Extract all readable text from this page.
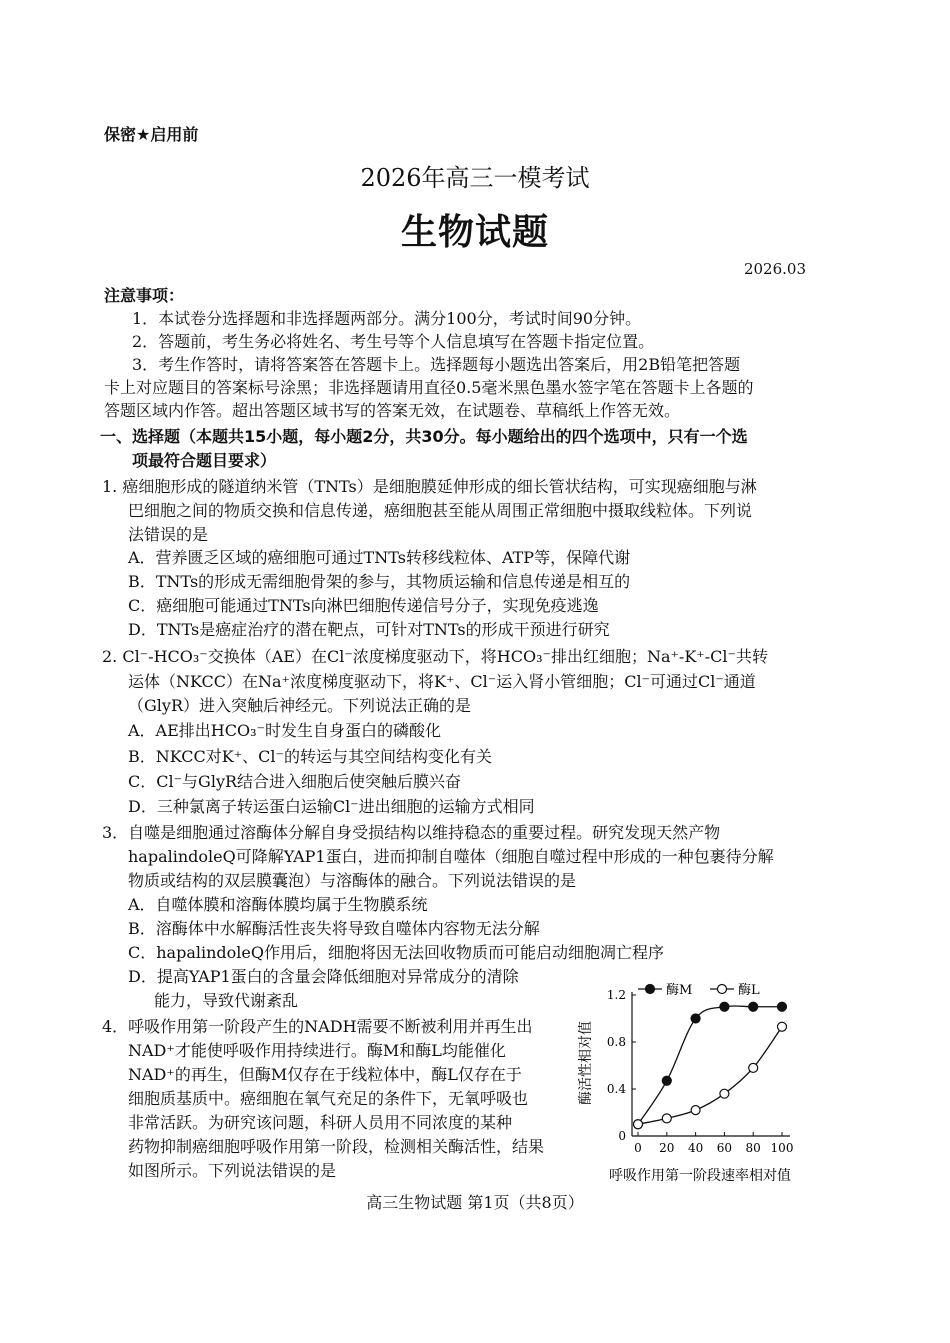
保密★启用前
2026年高三一模考试
生物试题
2026.03
注意事项：
1．本试卷分选择题和非选择题两部分。满分100分，考试时间90分钟。
2．答题前，考生务必将姓名、考生号等个人信息填写在答题卡指定位置。
3．考生作答时，请将答案答在答题卡上。选择题每小题选出答案后，用2B铅笔把答题
卡上对应题目的答案标号涂黑；非选择题请用直径0.5毫米黑色墨水签字笔在答题卡上各题的
答题区域内作答。超出答题区域书写的答案无效，在试题卷、草稿纸上作答无效。
一、选择题（本题共15小题，每小题2分，共30分。每小题给出的四个选项中，只有一个选
项最符合题目要求）
1. 癌细胞形成的隧道纳米管（TNTs）是细胞膜延伸形成的细长管状结构，可实现癌细胞与淋
巴细胞之间的物质交换和信息传递，癌细胞甚至能从周围正常细胞中摄取线粒体。下列说
法错误的是
A．营养匮乏区域的癌细胞可通过TNTs转移线粒体、ATP等，保障代谢
B．TNTs的形成无需细胞骨架的参与，其物质运输和信息传递是相互的
C．癌细胞可能通过TNTs向淋巴细胞传递信号分子，实现免疫逃逸
D．TNTs是癌症治疗的潜在靶点，可针对TNTs的形成干预进行研究
2. Cl⁻-HCO₃⁻交换体（AE）在Cl⁻浓度梯度驱动下，将HCO₃⁻排出红细胞；Na⁺-K⁺-Cl⁻共转
运体（NKCC）在Na⁺浓度梯度驱动下，将K⁺、Cl⁻运入肾小管细胞；Cl⁻可通过Cl⁻通道
（GlyR）进入突触后神经元。下列说法正确的是
A．AE排出HCO₃⁻时发生自身蛋白的磷酸化
B．NKCC对K⁺、Cl⁻的转运与其空间结构变化有关
C．Cl⁻与GlyR结合进入细胞后使突触后膜兴奋
D．三种氯离子转运蛋白运输Cl⁻进出细胞的运输方式相同
3．自噬是细胞通过溶酶体分解自身受损结构以维持稳态的重要过程。研究发现天然产物
hapalindoleQ可降解YAP1蛋白，进而抑制自噬体（细胞自噬过程中形成的一种包裹待分解
物质或结构的双层膜囊泡）与溶酶体的融合。下列说法错误的是
A．自噬体膜和溶酶体膜均属于生物膜系统
B．溶酶体中水解酶活性丧失将导致自噬体内容物无法分解
C．hapalindoleQ作用后，细胞将因无法回收物质而可能启动细胞凋亡程序
D．提高YAP1蛋白的含量会降低细胞对异常成分的清除
能力，导致代谢紊乱
4．呼吸作用第一阶段产生的NADH需要不断被利用并再生出
NAD⁺才能使呼吸作用持续进行。酶M和酶L均能催化
NAD⁺的再生，但酶M仅存在于线粒体中，酶L仅存在于
细胞质基质中。癌细胞在氧气充足的条件下，无氧呼吸也
非常活跃。为研究该问题，科研人员用不同浓度的某种
药物抑制癌细胞呼吸作用第一阶段，检测相关酶活性，结果
如图所示。下列说法错误的是
酶活性相对值
呼吸作用第一阶段速率相对值
0 20 40 60 80 100
0
0.4
0.8
1.2	酶M	酶L
高三生物试题 第1页（共8页）
